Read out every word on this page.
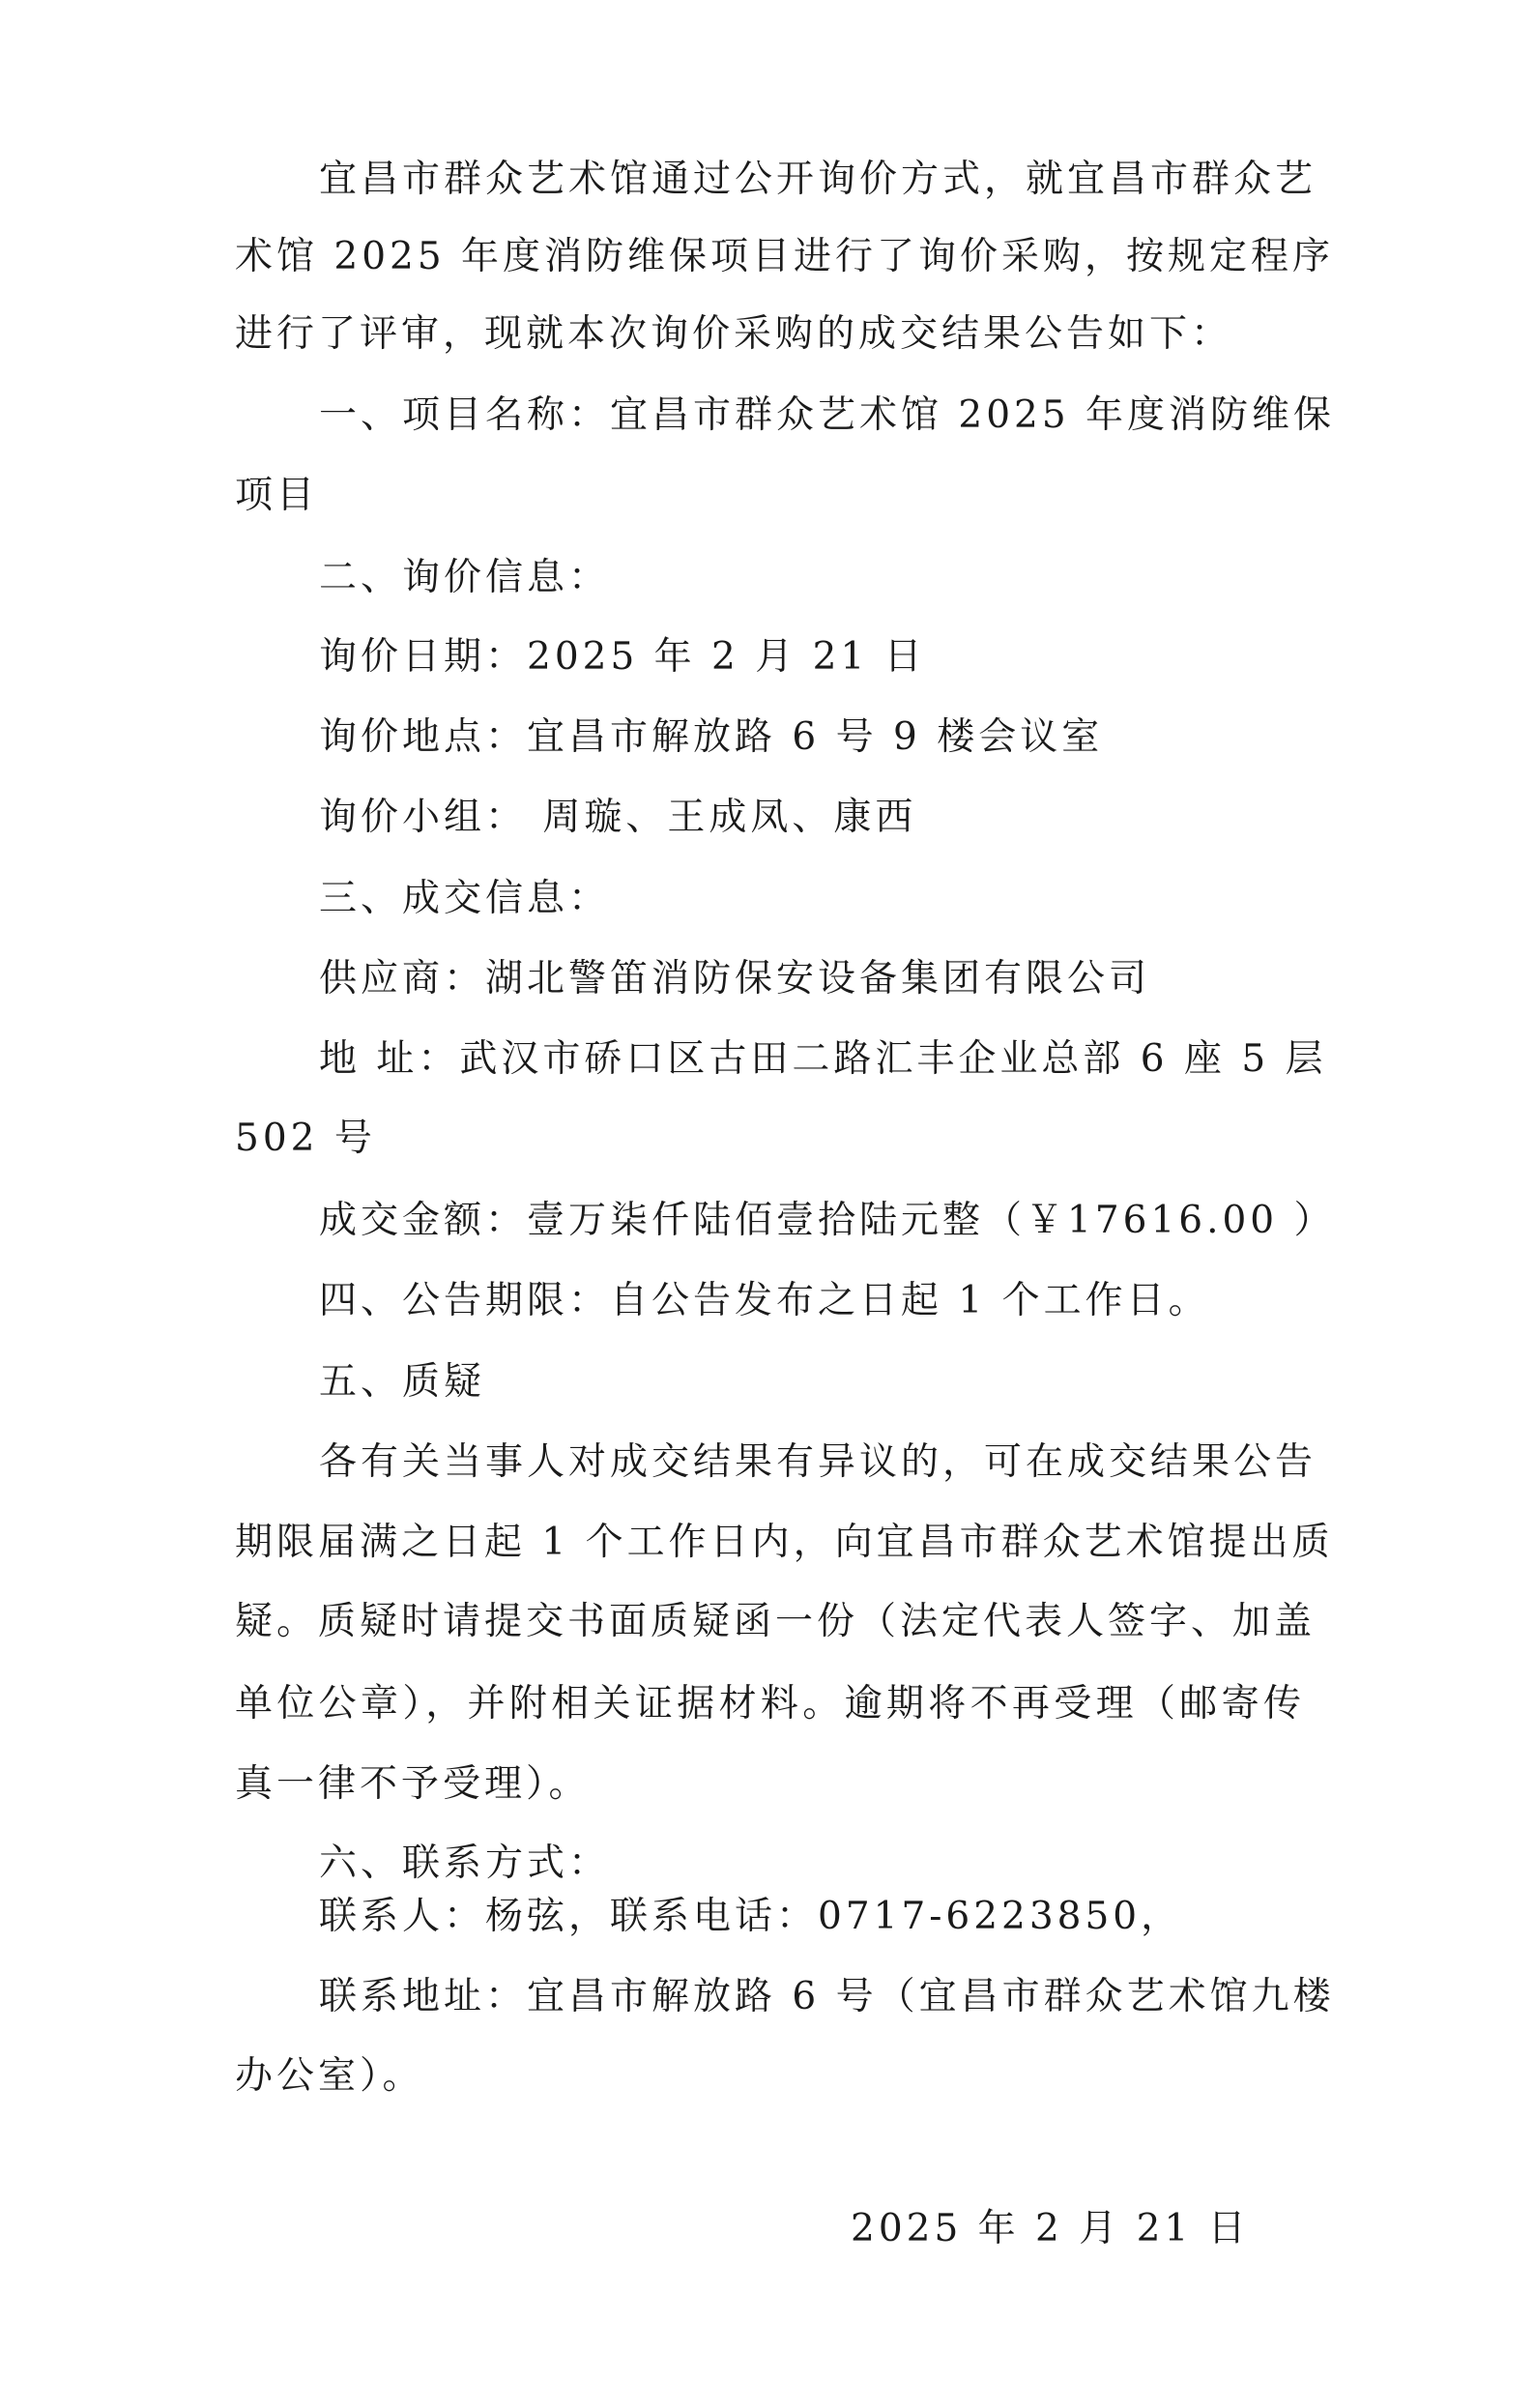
宜昌市群众艺术馆通过公开询价方式，就宜昌市群众艺
术馆 2025 年度消防维保项目进行了询价采购，按规定程序
进行了评审，现就本次询价采购的成交结果公告如下：
一、项目名称：宜昌市群众艺术馆 2025 年度消防维保
项目
二、询价信息：
询价日期：2025 年 2 月 21 日
询价地点：宜昌市解放路 6 号 9 楼会议室
询价小组： 周璇、王成凤、康西
三、成交信息：
供应商：湖北警笛消防保安设备集团有限公司
地 址：武汉市硚口区古田二路汇丰企业总部 6 座 5 层
502 号
成交金额：壹万柒仟陆佰壹拾陆元整（￥17616.00 ）
四、公告期限：自公告发布之日起 1 个工作日。
五、质疑
各有关当事人对成交结果有异议的，可在成交结果公告
期限届满之日起 1 个工作日内，向宜昌市群众艺术馆提出质
疑。质疑时请提交书面质疑函一份（法定代表人签字、加盖
单位公章），并附相关证据材料。逾期将不再受理（邮寄传
真一律不予受理）。
六、联系方式：
联系人：杨弦，联系电话：0717-6223850，
联系地址：宜昌市解放路 6 号（宜昌市群众艺术馆九楼
办公室）。
2025 年 2 月 21 日
